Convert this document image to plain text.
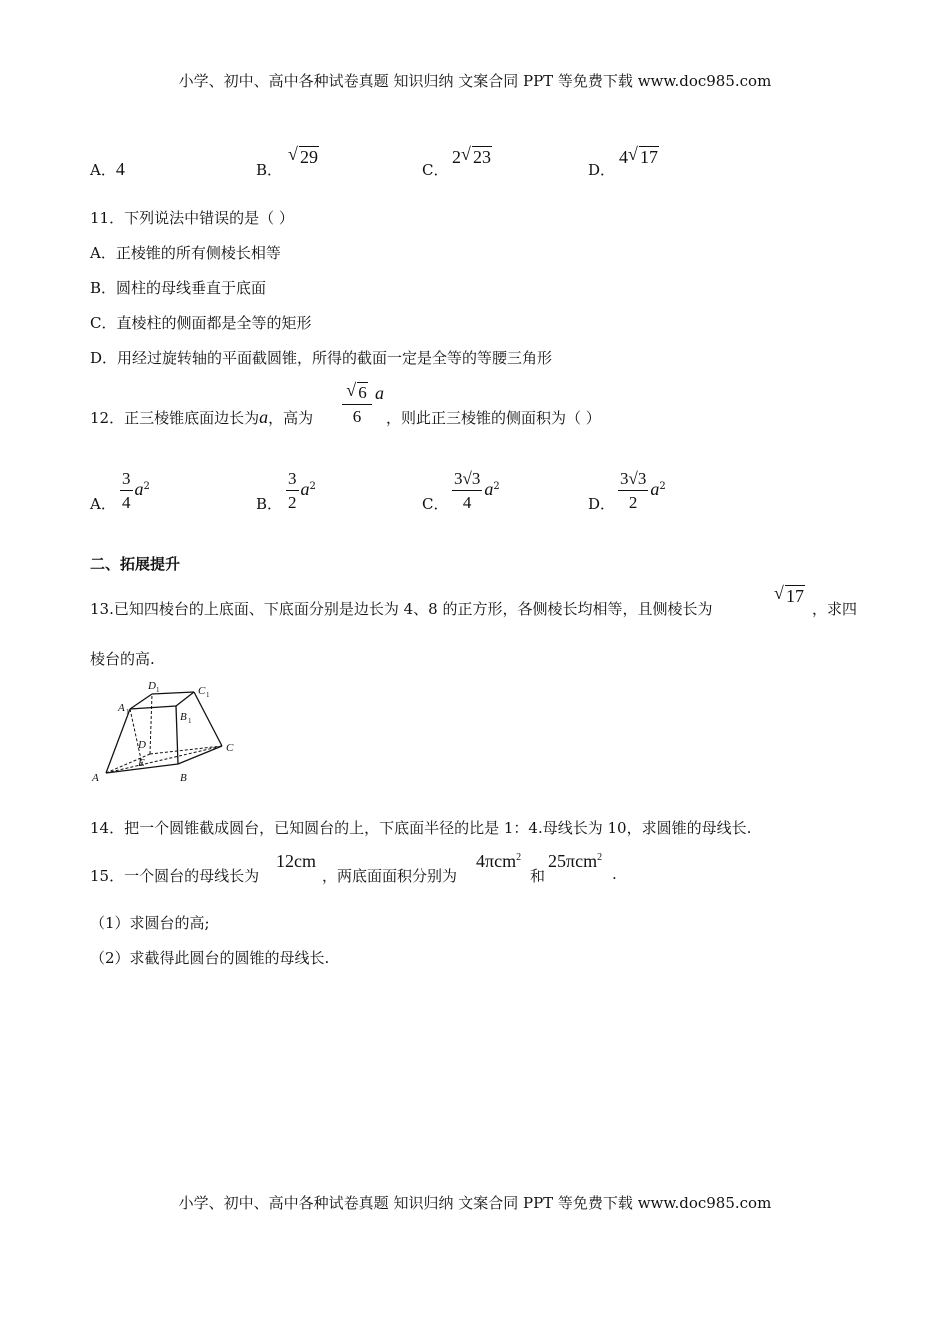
小学、初中、高中各种试卷真题 知识归纳 文案合同 PPT 等免费下载 www.doc985.com
A．4	B．
√ 29
C．
2 √ 23
D．
4 √ 17
11．下列说法中错误的是（ ）
A．正棱锥的所有侧棱长相等
B．圆柱的母线垂直于底面
C．直棱柱的侧面都是全等的矩形
D．用经过旋转轴的平面截圆锥，所得的截面一定是全等的等腰三角形
12．正三棱锥底面边长为a，高为 $\frac{√ 6}{6}$ a
，则此正三棱锥的侧面积为（ ）
A． $\frac{3}{4} a^2$
B． $\frac{3}{2} a^2$
C． $\frac{3√3}{4} a^2$
D． $\frac{3√3}{2} a^2$
二、拓展提升
13.已知四棱台的上底面、下底面分别是边长为 4、8 的正方形，各侧棱长均相等，且侧棱长为
√ 17
，求四
棱台的高.
A	B
C
D
E
A
B
C
D
1
1
1
1
14．把一个圆锥截成圆台，已知圆台的上，下底面半径的比是 1：4.母线长为 10，求圆锥的母线长.
15．一个圆台的母线长为
12cm
，两底面面积分别为
4πcm$^2$
和
25πcm$^2$
.
（1）求圆台的高;
（2）求截得此圆台的圆锥的母线长.
小学、初中、高中各种试卷真题 知识归纳 文案合同 PPT 等免费下载 www.doc985.com
